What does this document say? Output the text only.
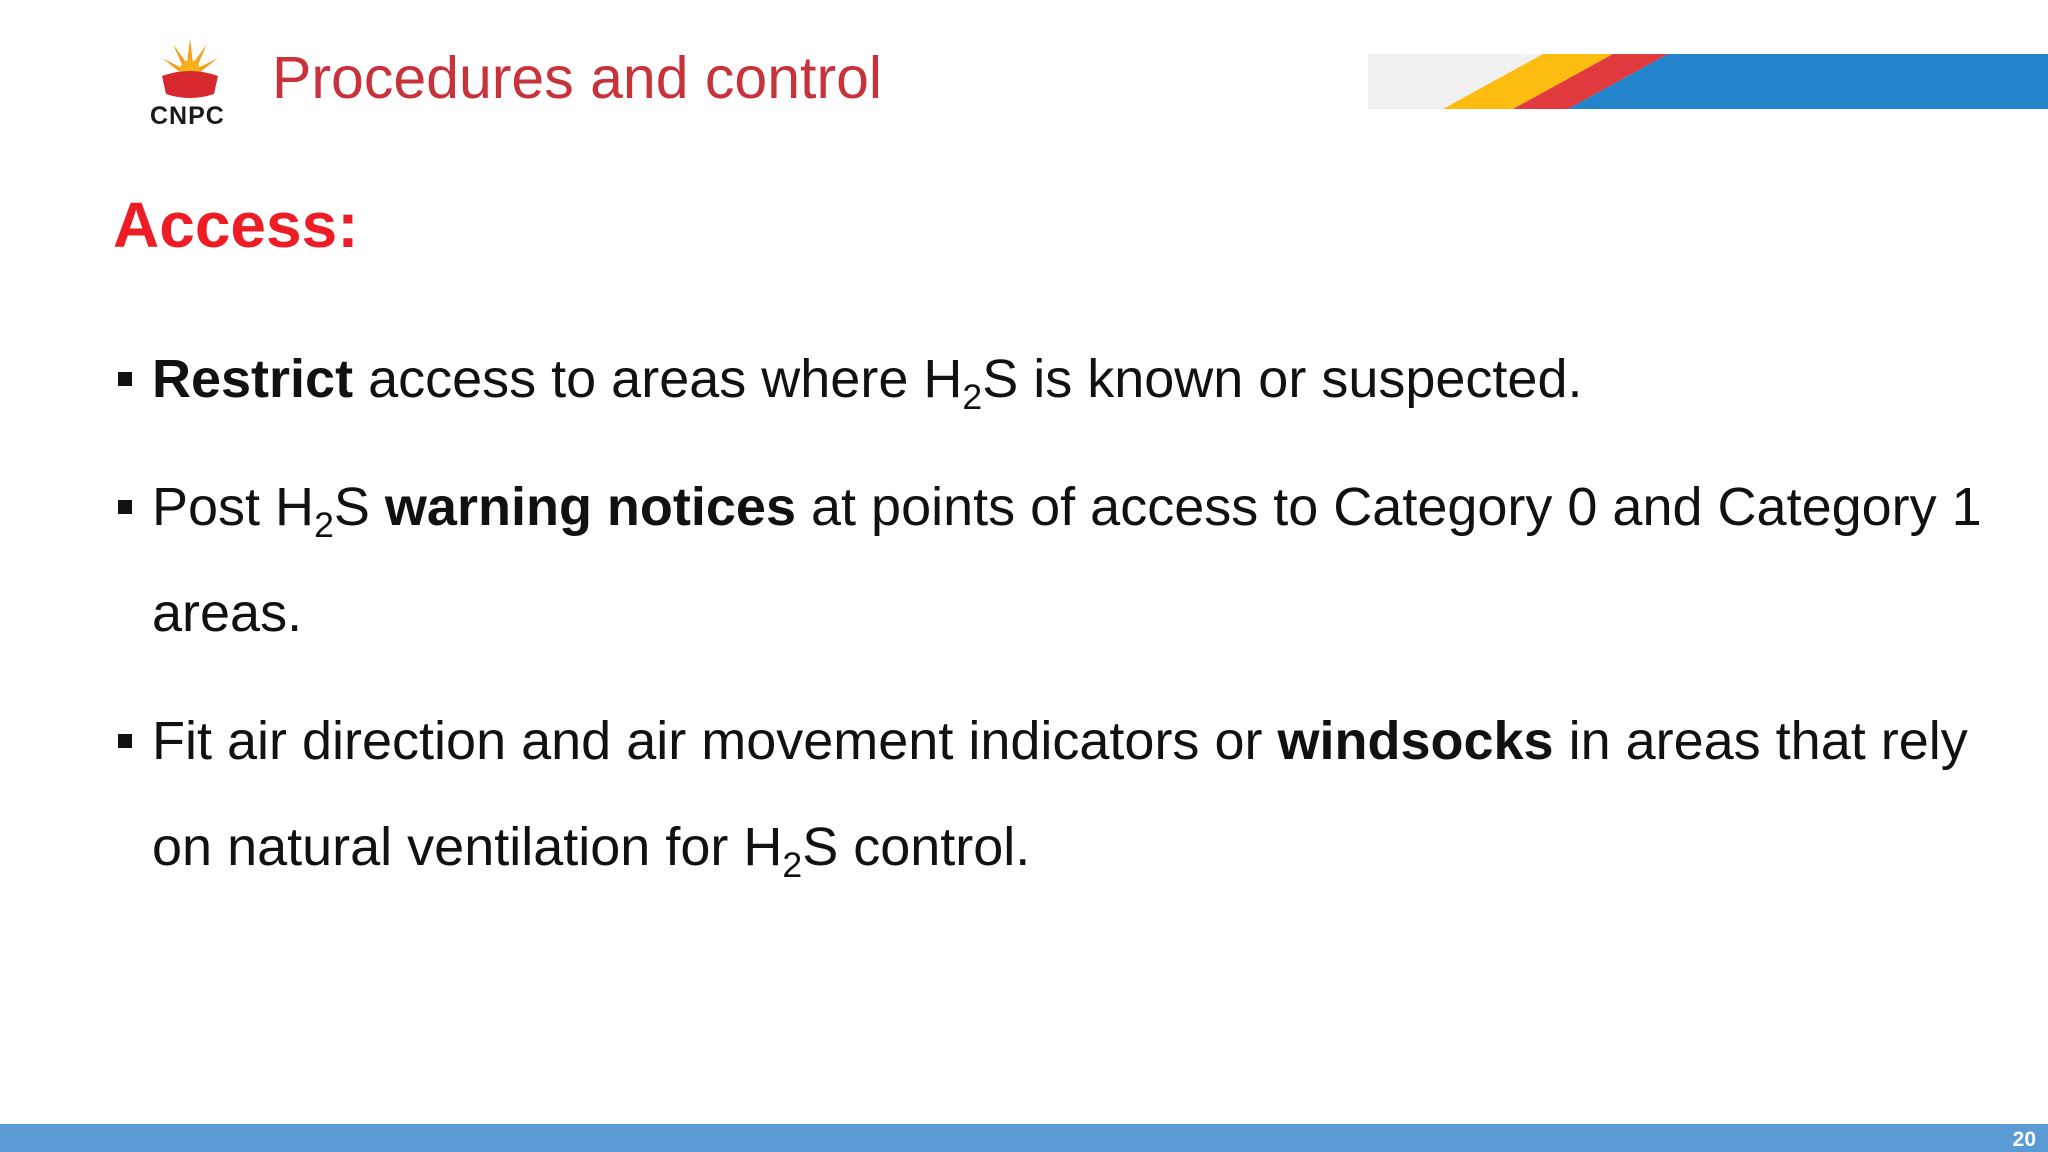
CNPC
Procedures and control
Access:
Restrict access to areas where $H_2S$ is known or suspected.
Post $H_2S$ warning notices at points of access to Category 0 and Category 1 areas.
Fit air direction and air movement indicators or windsocks in areas that rely on natural ventilation for $H_2S$ control.
20
